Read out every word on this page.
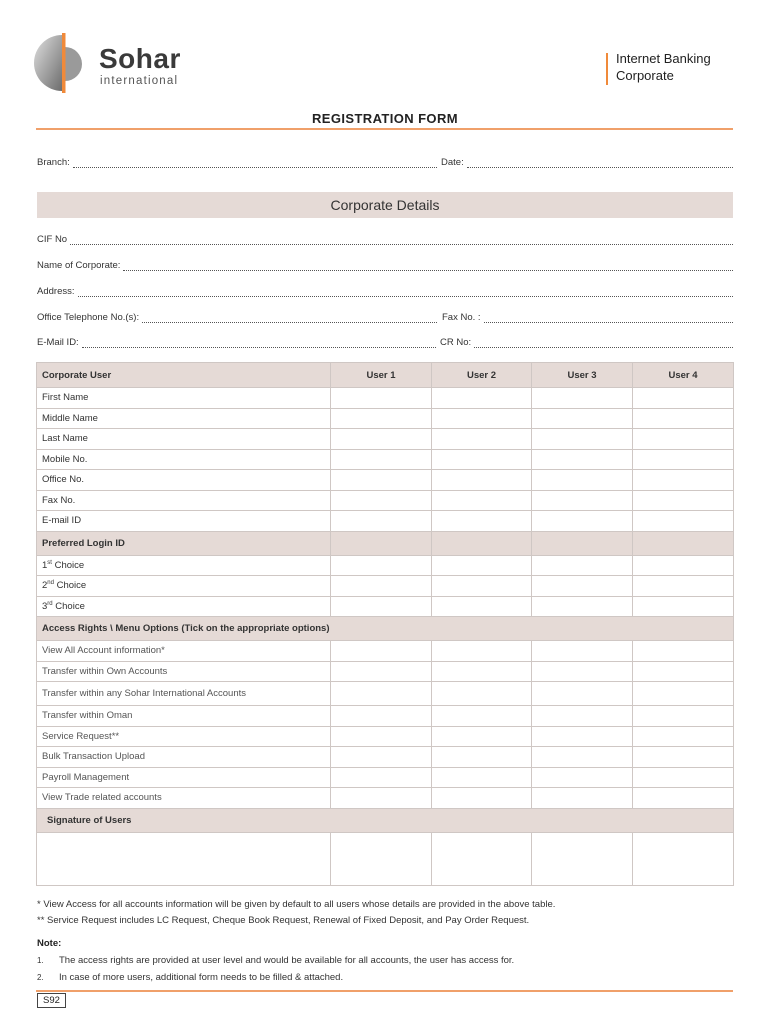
Sohar
international
Internet Banking
Corporate
REGISTRATION FORM
Branch:	Date:
Corporate Details
CIF No
Name of Corporate:
Address:
Office Telephone No.(s):	Fax No. :
E-Mail ID:	CR No:
Corporate User	User 1	User 2	User 3	User 4
First Name				
Middle Name				
Last Name				
Mobile No.				
Office No.				
Fax No.				
E-mail ID				
Preferred Login ID				
1st Choice				
2nd Choice				
3rd Choice				
Access Rights \ Menu Options (Tick on the appropriate options)				
View All Account information*				
Transfer within Own Accounts				
Transfer within any Sohar International Accounts				
Transfer within Oman				
Service Request**				
Bulk Transaction Upload				
Payroll Management				
View Trade related accounts				
Signature of Users				

* View Access for all accounts information will be given by default to all users whose details are provided in the above table.
** Service Request includes LC Request, Cheque Book Request, Renewal of Fixed Deposit, and Pay Order Request.
Note:
1. The access rights are provided at user level and would be available for all accounts, the user has access for.
2. In case of more users, additional form needs to be filled & attached.
S92
